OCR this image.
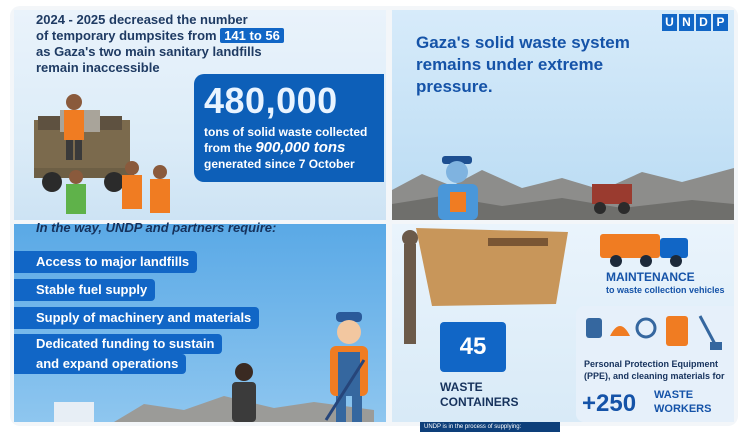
2024 - 2025 decreased the number
of temporary dumpsites from 141 to 56
as Gaza's two main sanitary landfills
remain inaccessible
480,000
tons of solid waste collected
from the 900,000 tons
generated since 7 October
U N D P
Gaza's solid waste system remains under extreme pressure.
In the way, UNDP and partners require:
Access to major landfills
Stable fuel supply
Supply of machinery and materials
Dedicated funding to sustain
and expand operations
MAINTENANCE
to waste collection vehicles
45
WASTE
CONTAINERS
Personal Protection Equipment (PPE), and cleaning materials for
+250 WASTE
WORKERS
UNDP is in the process of supplying:
